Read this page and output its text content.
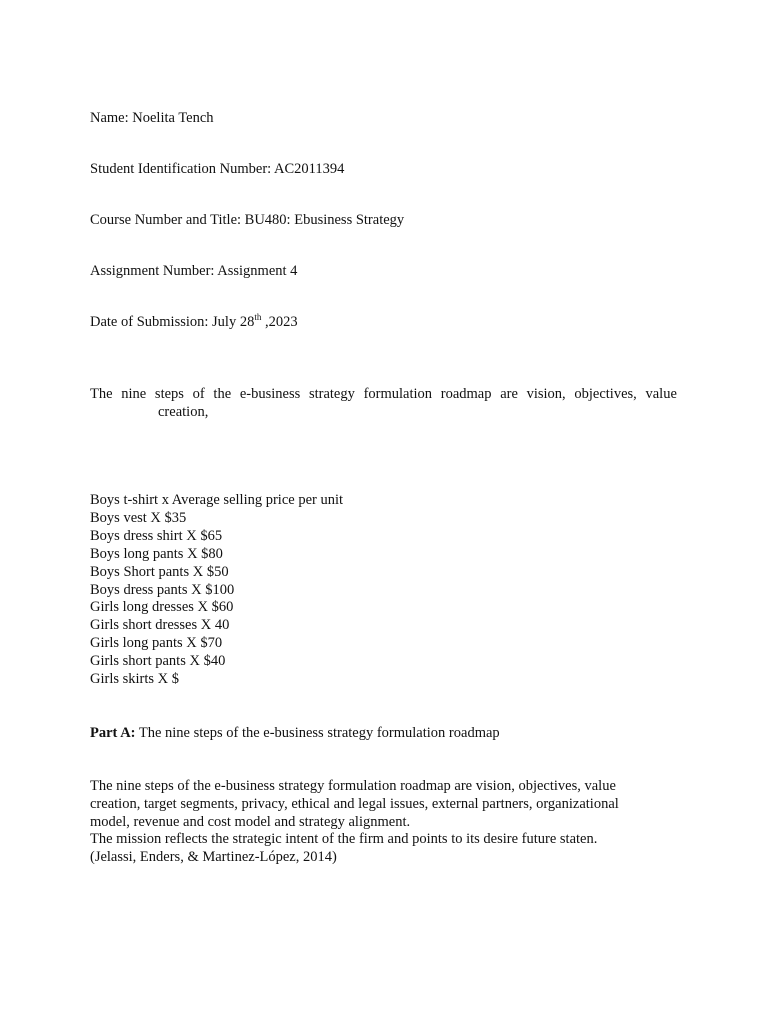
Name: Noelita Tench
Student Identification Number: AC2011394
Course Number and Title: BU480: Ebusiness Strategy
Assignment Number: Assignment 4
Date of Submission: July 28th ,2023
The nine steps of the e-business strategy formulation roadmap are vision, objectives, value
creation,
Boys t-shirt x Average selling price per unit
Boys vest X $35
Boys dress shirt X $65
Boys long pants X $80
Boys Short pants X $50
Boys dress pants X $100
Girls long dresses X $60
Girls short dresses X 40
Girls long pants X $70
Girls short pants X $40
Girls skirts X $
Part A: The nine steps of the e-business strategy formulation roadmap
The nine steps of the e-business strategy formulation roadmap are vision, objectives, value
creation, target segments, privacy, ethical and legal issues, external partners, organizational
model, revenue and cost model and strategy alignment.
The mission reflects the strategic intent of the firm and points to its desire future staten.
(Jelassi, Enders, & Martinez-López, 2014)
